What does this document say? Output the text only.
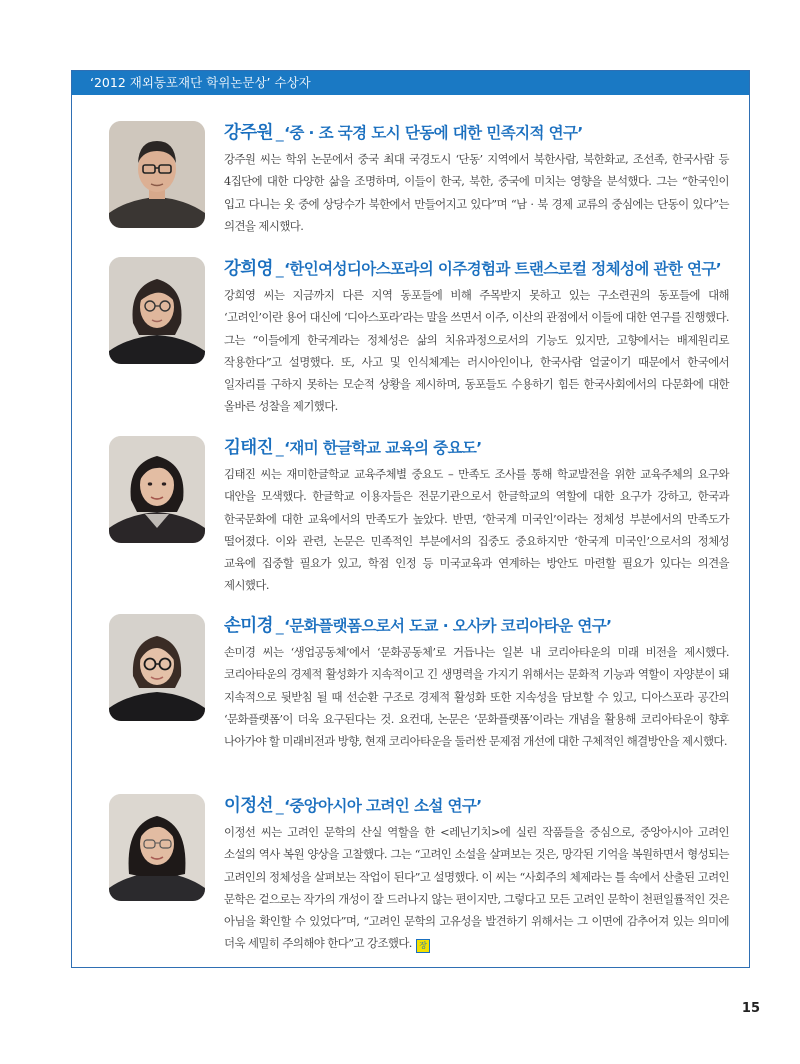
‘2012 재외동포재단 학위논문상’ 수상자
강주원 _‘중 · 조 국경 도시 단동에 대한 민족지적 연구’

강주원 씨는 학위 논문에서 중국 최대 국경도시 ‘단동’ 지역에서 북한사람, 북한화교, 조선족, 한국사람 등 4집단에 대한 다양한 삶을 조명하며, 이들이 한국, 북한, 중국에 미치는 영향을 분석했다. 그는 “한국인이 입고 다니는 옷 중에 상당수가 북한에서 만들어지고 있다”며 “남 · 북 경제 교류의 중심에는 단동이 있다”는 의견을 제시했다.

강희영 _‘한인여성디아스포라의 이주경험과 트랜스로컬 정체성에 관한 연구’

강희영 씨는 지금까지 다른 지역 동포들에 비해 주목받지 못하고 있는 구소련권의 동포들에 대해 ‘고려인’이란 용어 대신에 ‘디아스포라’라는 말을 쓰면서 이주, 이산의 관점에서 이들에 대한 연구를 진행했다. 그는 “이들에게 한국계라는 정체성은 삶의 치유과정으로서의 기능도 있지만, 고향에서는 배제원리로 작용한다”고 설명했다. 또, 사고 및 인식체계는 러시아인이나, 한국사람 얼굴이기 때문에서 한국에서 일자리를 구하지 못하는 모순적 상황을 제시하며, 동포들도 수용하기 힘든 한국사회에서의 다문화에 대한 올바른 성찰을 제기했다.

김태진 _‘재미 한글학교 교육의 중요도’

김태진 씨는 재미한글학교 교육주체별 중요도 – 만족도 조사를 통해 학교발전을 위한 교육주체의 요구와 대안을 모색했다. 한글학교 이용자들은 전문기관으로서 한글학교의 역할에 대한 요구가 강하고, 한국과 한국문화에 대한 교육에서의 만족도가 높았다. 반면, ‘한국계 미국인’이라는 정체성 부분에서의 만족도가 떨어졌다. 이와 관련, 논문은 민족적인 부분에서의 집중도 중요하지만 ‘한국계 미국인’으로서의 정체성 교육에 집중할 필요가 있고, 학점 인정 등 미국교육과 연계하는 방안도 마련할 필요가 있다는 의견을 제시했다.

손미경 _‘문화플랫폼으로서 도쿄 · 오사카 코리아타운 연구’

손미경 씨는 ‘생업공동체’에서 ‘문화공동체’로 거듭나는 일본 내 코리아타운의 미래 비전을 제시했다. 코리아타운의 경제적 활성화가 지속적이고 긴 생명력을 가지기 위해서는 문화적 기능과 역할이 자양분이 돼 지속적으로 뒷받침 될 때 선순환 구조로 경제적 활성화 또한 지속성을 담보할 수 있고, 디아스포라 공간의 ‘문화플랫폼’이 더욱 요구된다는 것. 요컨대, 논문은 ‘문화플랫폼’이라는 개념을 활용해 코리아타운이 향후 나아가야 할 미래비전과 방향, 현재 코리아타운을 둘러싼 문제점 개선에 대한 구체적인 해결방안을 제시했다.

이정선 _‘중앙아시아 고려인 소설 연구’

이정선 씨는 고려인 문학의 산실 역할을 한 <레닌기치>에 실린 작품들을 중심으로, 중앙아시아 고려인 소설의 역사 복원 양상을 고찰했다. 그는 “고려인 소설을 살펴보는 것은, 망각된 기억을 복원하면서 형성되는 고려인의 정체성을 살펴보는 작업이 된다”고 설명했다. 이 씨는 “사회주의 체제라는 틀 속에서 산출된 고려인 문학은 겉으로는 작가의 개성이 잘 드러나지 않는 편이지만, 그렇다고 모든 고려인 문학이 천편일률적인 것은 아님을 확인할 수 있었다”며, “고려인 문학의 고유성을 발견하기 위해서는 그 이면에 감추어져 있는 의미에 더욱 세밀히 주의해야 한다”고 강조했다. 장

15
